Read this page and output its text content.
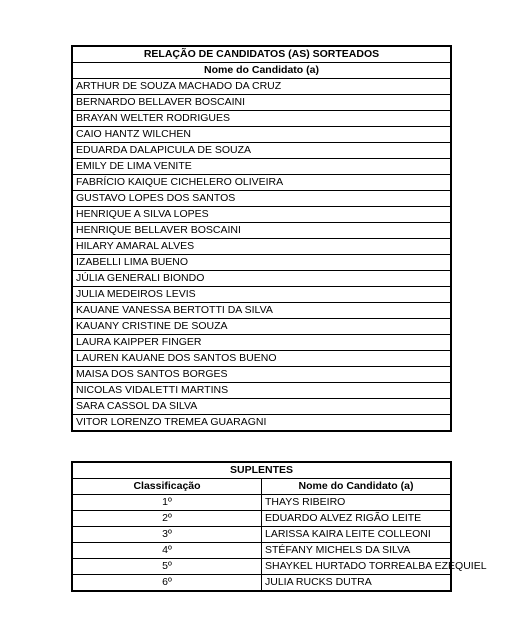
RELAÇÃO DE CANDIDATOS (AS) SORTEADOS
Nome do Candidato (a)
ARTHUR DE SOUZA MACHADO DA CRUZ
BERNARDO BELLAVER BOSCAINI
BRAYAN WELTER RODRIGUES
CAIO HANTZ WILCHEN
EDUARDA DALAPICULA DE SOUZA
EMILY DE LIMA VENITE
FABRÍCIO KAIQUE CICHELERO OLIVEIRA
GUSTAVO LOPES DOS SANTOS
HENRIQUE A SILVA LOPES
HENRIQUE BELLAVER BOSCAINI
HILARY AMARAL ALVES
IZABELLI LIMA BUENO
JÚLIA GENERALI BIONDO
JULIA MEDEIROS LEVIS
KAUANE VANESSA BERTOTTI DA SILVA
KAUANY CRISTINE DE SOUZA
LAURA KAIPPER FINGER
LAUREN KAUANE DOS SANTOS BUENO
MAISA DOS SANTOS BORGES
NICOLAS VIDALETTI MARTINS
SARA CASSOL DA SILVA
VITOR LORENZO TREMEA GUARAGNI
SUPLENTES	
Classificação	Nome do Candidato (a)
1º	THAYS RIBEIRO
2º	EDUARDO ALVEZ RIGÃO LEITE
3º	LARISSA KAIRA LEITE COLLEONI
4º	STÉFANY MICHELS DA SILVA
5º	SHAYKEL HURTADO TORREALBA EZEQUIEL
6º	JULIA RUCKS DUTRA
